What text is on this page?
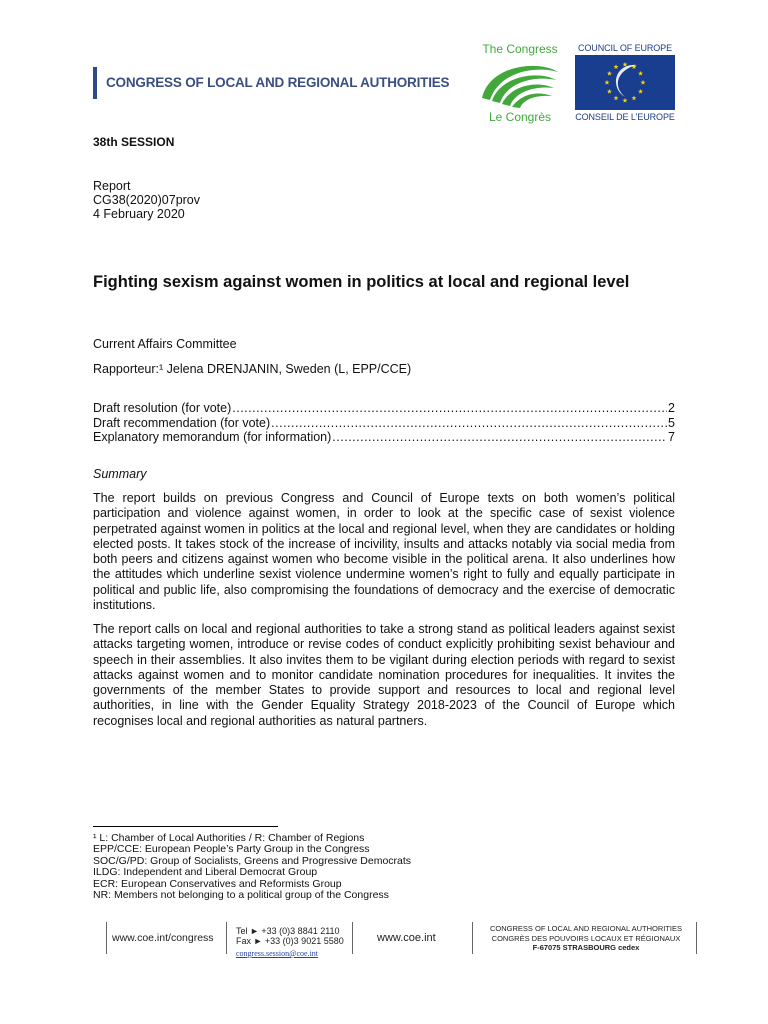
CONGRESS OF LOCAL AND REGIONAL AUTHORITIES
The Congress
Le Congrès
COUNCIL OF EUROPE
CONSEIL DE L'EUROPE
38th SESSION
Report
CG38(2020)07prov
4 February 2020
Fighting sexism against women in politics at local and regional level
Current Affairs Committee
Rapporteur:¹ Jelena DRENJANIN, Sweden (L, EPP/CCE)
Draft resolution (for vote) .....	2
Draft recommendation (for vote) .....	5
Explanatory memorandum (for information) .....	7
Summary
The report builds on previous Congress and Council of Europe texts on both women’s political participation and violence against women, in order to look at the specific case of sexist violence perpetrated against women in politics at the local and regional level, when they are candidates or holding elected posts. It takes stock of the increase of incivility, insults and attacks notably via social media from both peers and citizens against women who become visible in the political arena. It also underlines how the attitudes which underline sexist violence undermine women’s right to fully and equally participate in political and public life, also compromising the foundations of democracy and the exercise of democratic institutions.
The report calls on local and regional authorities to take a strong stand as political leaders against sexist attacks targeting women, introduce or revise codes of conduct explicitly prohibiting sexist behaviour and speech in their assemblies. It also invites them to be vigilant during election periods with regard to sexist attacks against women and to monitor candidate nomination procedures for inequalities. It invites the governments of the member States to provide support and resources to local and regional level authorities, in line with the Gender Equality Strategy 2018-2023 of the Council of Europe which recognises local and regional authorities as natural partners.
¹ L: Chamber of Local Authorities / R: Chamber of Regions
EPP/CCE: European People’s Party Group in the Congress
SOC/G/PD: Group of Socialists, Greens and Progressive Democrats
ILDG: Independent and Liberal Democrat Group
ECR: European Conservatives and Reformists Group
NR: Members not belonging to a political group of the Congress
www.coe.int/congress
Tel ► +33 (0)3 8841 2110
Fax ► +33 (0)3 9021 5580
congress.session@coe.int
www.coe.int
CONGRESS OF LOCAL AND REGIONAL AUTHORITIES
CONGRÈS DES POUVOIRS LOCAUX ET RÉGIONAUX
F-67075 STRASBOURG cedex
